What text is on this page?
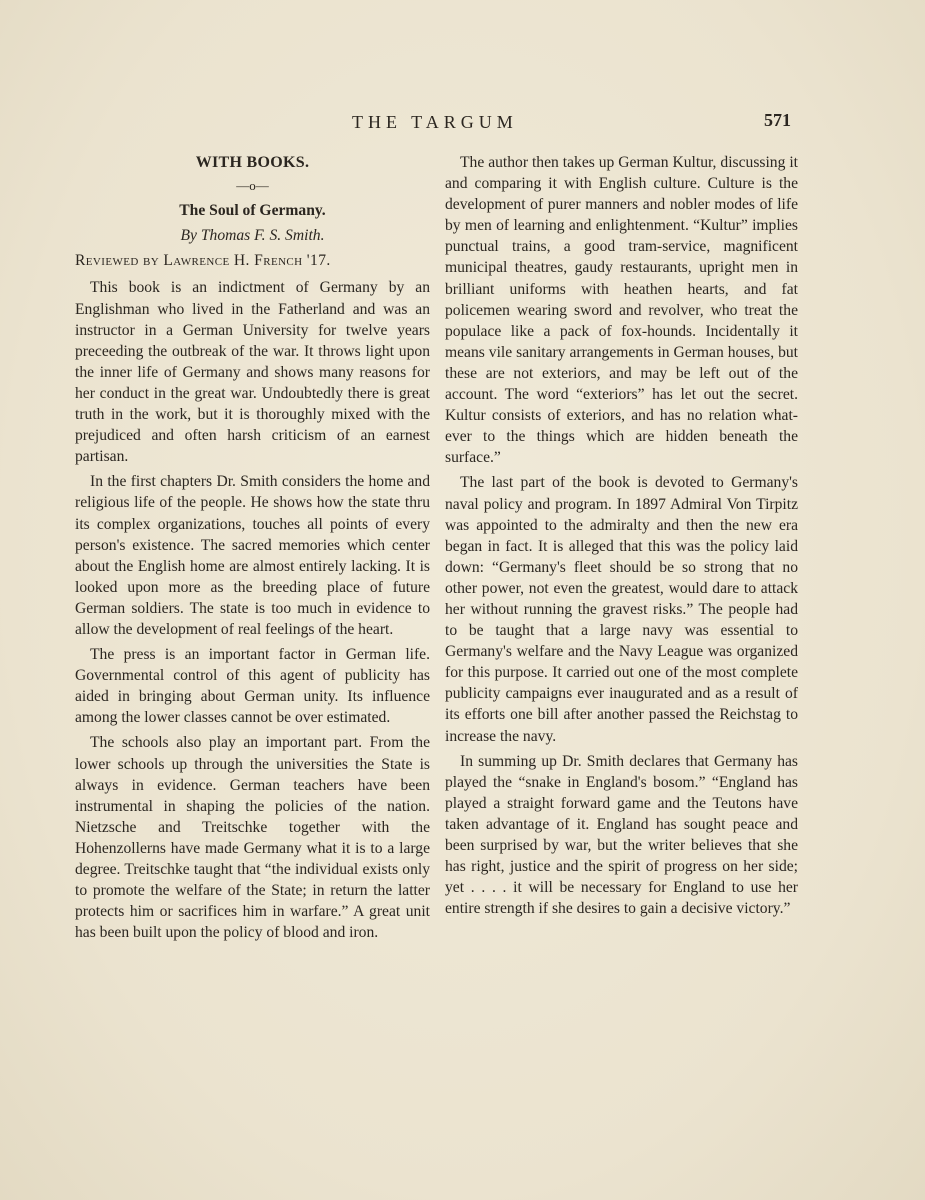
THE TARGUM	571
WITH BOOKS.
—o—
The Soul of Germany.
By Thomas F. S. Smith.
Reviewed by Lawrence H. French '17.

This book is an indictment of Germany by an Englishman who lived in the Fatherland and was an instructor in a German University for twelve years preceeding the outbreak of the war. It throws light upon the inner life of Germany and shows many reasons for her conduct in the great war. Undoubtedly there is great truth in the work, but it is thoroughly mixed with the prejudiced and often harsh criticism of an earnest partisan.

In the first chapters Dr. Smith considers the home and religious life of the people. He shows how the state thru its complex organizations, touches all points of every person's existence. The sacred memories which center about the English home are almost entirely lacking. It is looked upon more as the breeding place of future German soldiers. The state is too much in evidence to allow the development of real feelings of the heart.

The press is an important factor in German life. Governmental control of this agent of publicity has aided in bringing about German unity. Its influence among the lower classes cannot be over estimated.

The schools also play an important part. From the lower schools up through the universities the State is always in evidence. German teachers have been instrumental in shaping the policies of the nation. Nietzsche and Treitschke together with the Hohenzollerns have made Germany what it is to a large degree. Treitschke taught that “the individual exists only to promote the welfare of the State; in return the latter protects him or sacrifices him in warfare.” A great unit has been built upon the policy of blood and iron.

The author then takes up German Kultur, discussing it and comparing it with English culture. Culture is the development of purer manners and nobler modes of life by men of learning and enlightenment. “Kultur” implies punctual trains, a good tram-service, magnificent municipal theatres, gaudy restaurants, upright men in brilliant uniforms with heathen hearts, and fat policemen wearing sword and revolver, who treat the populace like a pack of fox-hounds. Incidentally it means vile sanitary arrangements in German houses, but these are not exteriors, and may be left out of the account. The word “exteriors” has let out the secret. Kultur consists of exteriors, and has no relation whatever to the things which are hidden beneath the surface.”

The last part of the book is devoted to Germany's naval policy and program. In 1897 Admiral Von Tirpitz was appointed to the admiralty and then the new era began in fact. It is alleged that this was the policy laid down: “Germany's fleet should be so strong that no other power, not even the greatest, would dare to attack her without running the gravest risks.” The people had to be taught that a large navy was essential to Germany's welfare and the Navy League was organized for this purpose. It carried out one of the most complete publicity campaigns ever inaugurated and as a result of its efforts one bill after another passed the Reichstag to increase the navy.

In summing up Dr. Smith declares that Germany has played the “snake in England's bosom.” “England has played a straight forward game and the Teutons have taken advantage of it. England has sought peace and been surprised by war, but the writer believes that she has right, justice and the spirit of progress on her side; yet . . . . it will be necessary for England to use her entire strength if she desires to gain a decisive victory.”
